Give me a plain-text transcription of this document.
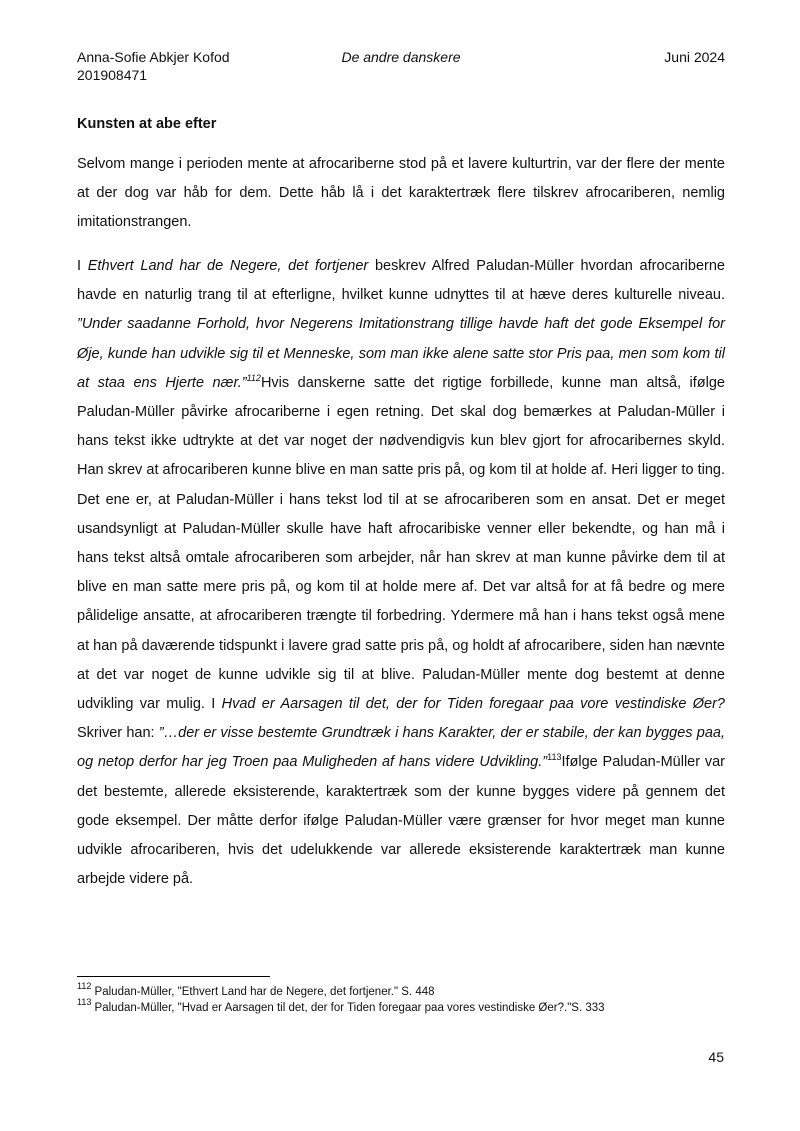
Anna-Sofie Abkjer Kofod
201908471
De andre danskere	Juni 2024
Kunsten at abe efter

Selvom mange i perioden mente at afrocariberne stod på et lavere kulturtrin, var der flere der mente at der dog var håb for dem. Dette håb lå i det karaktertræk flere tilskrev afrocariberen, nemlig imitationstrangen.

I Ethvert Land har de Negere, det fortjener beskrev Alfred Paludan-Müller hvordan afrocariberne havde en naturlig trang til at efterligne, hvilket kunne udnyttes til at hæve deres kulturelle niveau. ”Under saadanne Forhold, hvor Negerens Imitationstrang tillige havde haft det gode Eksempel for Øje, kunde han udvikle sig til et Menneske, som man ikke alene satte stor Pris paa, men som kom til at staa ens Hjerte nær.”$^{112}$Hvis danskerne satte det rigtige forbillede, kunne man altså, ifølge Paludan-Müller påvirke afrocariberne i egen retning. Det skal dog bemærkes at Paludan-Müller i hans tekst ikke udtrykte at det var noget der nødvendigvis kun blev gjort for afrocaribernes skyld. Han skrev at afrocariberen kunne blive en man satte pris på, og kom til at holde af. Heri ligger to ting. Det ene er, at Paludan-Müller i hans tekst lod til at se afrocariberen som en ansat. Det er meget usandsynligt at Paludan-Müller skulle have haft afrocaribiske venner eller bekendte, og han må i hans tekst altså omtale afrocariberen som arbejder, når han skrev at man kunne påvirke dem til at blive en man satte mere pris på, og kom til at holde mere af. Det var altså for at få bedre og mere pålidelige ansatte, at afrocariberen trængte til forbedring. Ydermere må han i hans tekst også mene at han på daværende tidspunkt i lavere grad satte pris på, og holdt af afrocaribere, siden han nævnte at det var noget de kunne udvikle sig til at blive. Paludan-Müller mente dog bestemt at denne udvikling var mulig. I Hvad er Aarsagen til det, der for Tiden foregaar paa vore vestindiske Øer? Skriver han: ”…der er visse bestemte Grundtræk i hans Karakter, der er stabile, der kan bygges paa, og netop derfor har jeg Troen paa Muligheden af hans videre Udvikling.”$^{113}$Ifølge Paludan-Müller var det bestemte, allerede eksisterende, karaktertræk som der kunne bygges videre på gennem det gode eksempel. Der måtte derfor ifølge Paludan-Müller være grænser for hvor meget man kunne udvikle afrocariberen, hvis det udelukkende var allerede eksisterende karaktertræk man kunne arbejde videre på.

$^{112}$ Paludan-Müller, "Ethvert Land har de Negere, det fortjener." S. 448
$^{113}$ Paludan-Müller, "Hvad er Aarsagen til det, der for Tiden foregaar paa vores vestindiske Øer?."S. 333
45
